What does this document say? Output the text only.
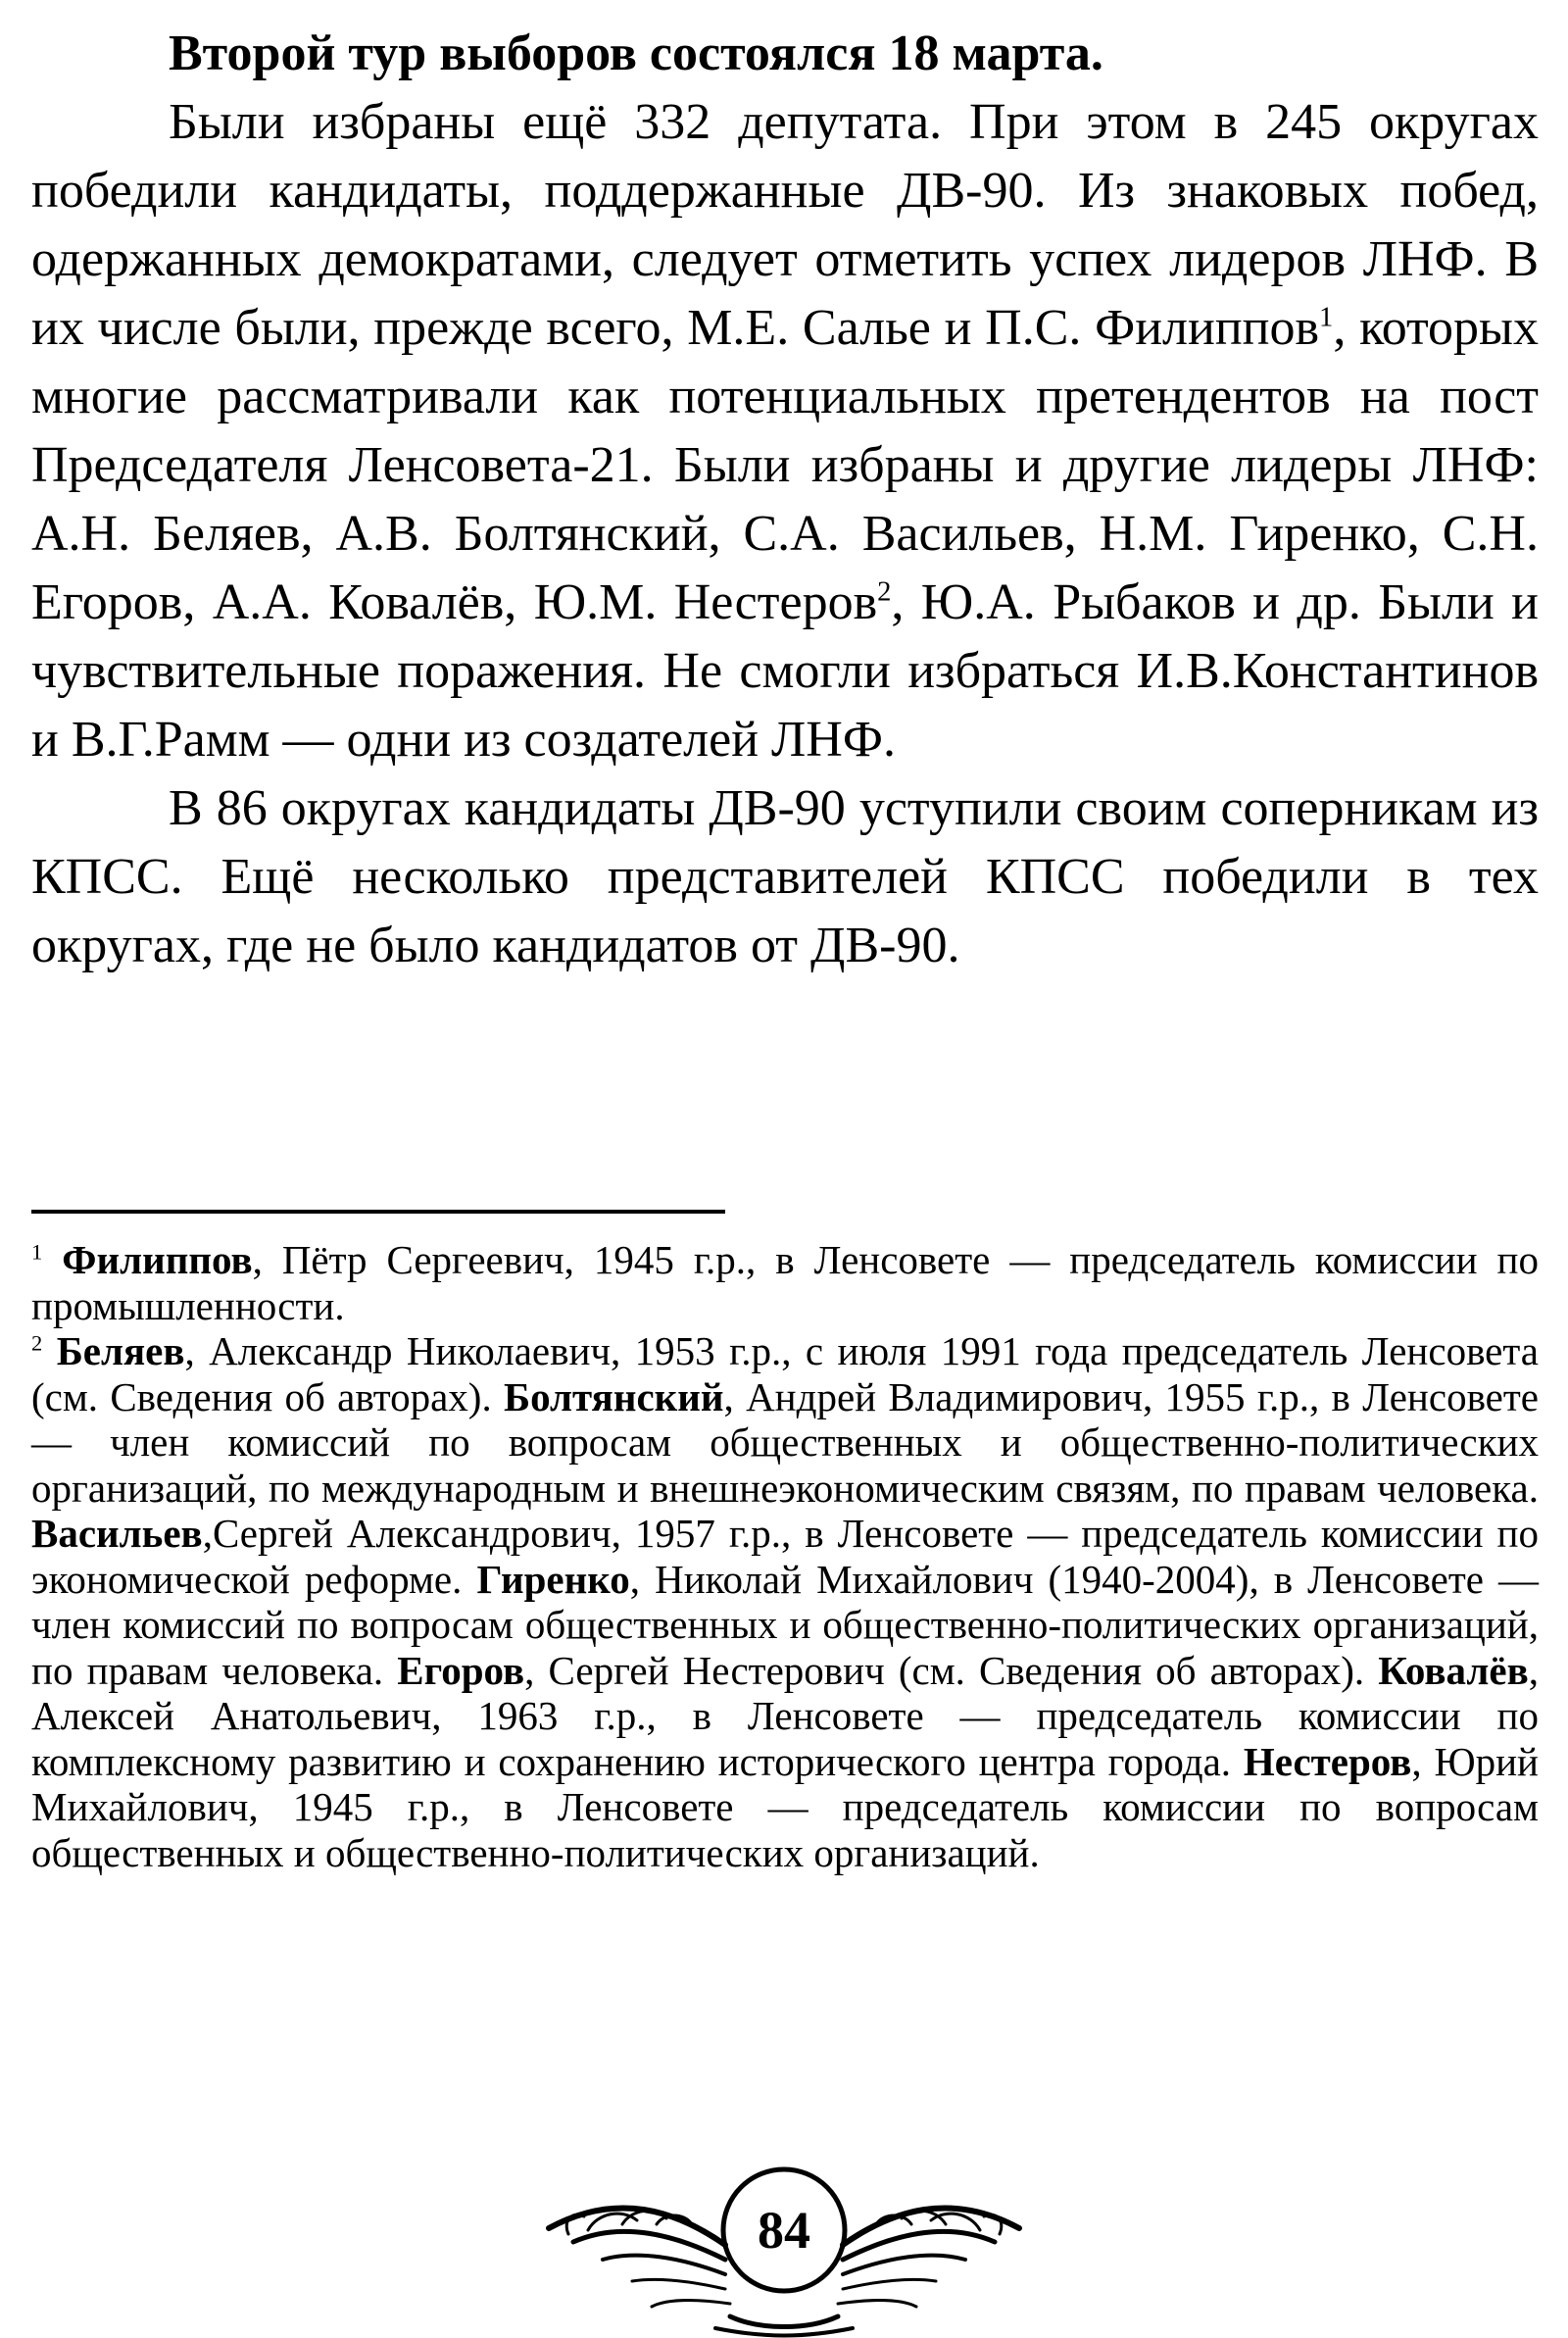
Второй тур выборов состоялся 18 марта.

Были избраны ещё 332 депутата. При этом в 245 округах победили кандидаты, поддержанные ДВ-90. Из знаковых побед, одержанных демократами, следует отметить успех лидеров ЛНФ. В их числе были, прежде всего, М.Е. Салье и П.С. Филиппов$^1$, которых многие рассматривали как потенциальных претендентов на пост Председателя Ленсовета-21. Были избраны и другие лидеры ЛНФ: А.Н. Беляев, А.В. Болтянский, С.А. Васильев, Н.М. Гиренко, С.Н. Егоров, А.А. Ковалёв, Ю.М. Нестеров$^2$, Ю.А. Рыбаков и др. Были и чувствительные поражения. Не смогли избраться И.В.Константинов и В.Г.Рамм — одни из создателей ЛНФ.

В 86 округах кандидаты ДВ-90 уступили своим соперникам из КПСС. Ещё несколько представителей КПСС победили в тех округах, где не было кандидатов от ДВ-90.

$^1$ Филиппов, Пётр Сергеевич, 1945 г.р., в Ленсовете — председатель комиссии по промышленности.

$^2$ Беляев, Александр Николаевич, 1953 г.р., с июля 1991 года председатель Ленсовета (см. Сведения об авторах). Болтянский, Андрей Владимирович, 1955 г.р., в Ленсовете — член комиссий по вопросам общественных и общественно-политических организаций, по международным и внешнеэкономическим связям, по правам человека. Васильев,Сергей Александрович, 1957 г.р., в Ленсовете — председатель комиссии по экономической реформе. Гиренко, Николай Михайлович (1940-2004), в Ленсовете — член комиссий по вопросам общественных и общественно-политических организаций, по правам человека. Егоров, Сергей Нестерович (см. Сведения об авторах). Ковалёв, Алексей Анатольевич, 1963 г.р., в Ленсовете — председатель комиссии по комплексному развитию и сохранению исторического центра города. Нестеров, Юрий Михайлович, 1945 г.р., в Ленсовете — председатель комиссии по вопросам общественных и общественно-политических организаций.

84
